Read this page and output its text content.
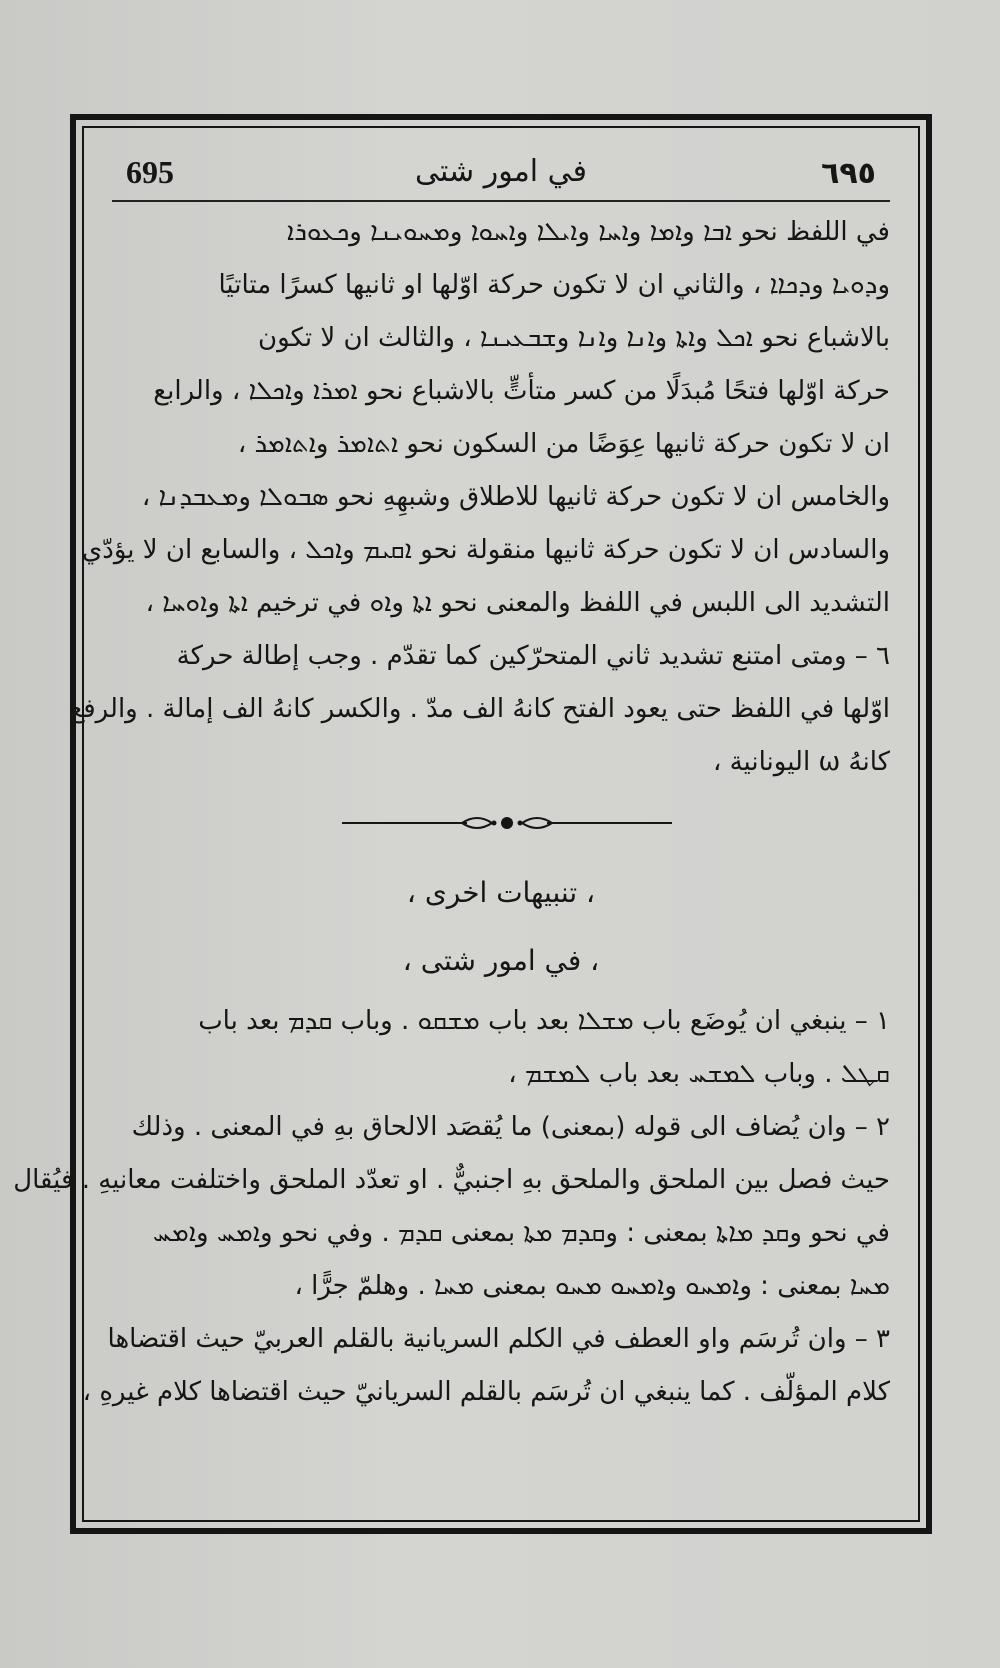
695	في امور شتى	٦٩٥
في اللفظ نحو ܐܒܐ وܐܡܐ وܐܚܐ وܐܝܠܐ وܐܚܘܐ وܡܚܘܝܢܐ وܟܥܘܪܐ
وܕܘܝܐ وܕܟܐܐ ، والثاني ان لا تكون حركة اوّلها او ثانيها كسرًا متاتيًا
بالاشباع نحو ܐܟܠ وܐܬܐ وܐܢܐ وܐܢܐ وܫܒܥܝܢܐ ، والثالث ان لا تكون
حركة اوّلها فتحًا مُبدَلًا من كسر متأتٍّ بالاشباع نحو ܐܡܪܐ وܐܟܠܐ ، والرابع
ان لا تكون حركة ثانيها عِوَضًا من السكون نحو ܐܬܐܡܪ وܐܬܐܡܪ ،
والخامس ان لا تكون حركة ثانيها للاطلاق وشبهِهِ نحو ܣܒܘܠܐ وܡܥܒܕܢܐ ،
والسادس ان لا تكون حركة ثانيها منقولة نحو ܐܩܝܡ وܐܟܠ ، والسابع ان لا يؤدّي
التشديد الى اللبس في اللفظ والمعنى نحو ܐܬܐ وܐܘ في ترخيم ܐܬܐ وܐܘܚܐ ،
٦ – ومتى امتنع تشديد ثاني المتحرّكين كما تقدّم . وجب إطالة حركة
اوّلها في اللفظ حتى يعود الفتح كانهُ الف مدّ . والكسر كانهُ الف إمالة . والرفع
كانهُ ω اليونانية ،
، تنبيهات اخرى ،
، في امور شتى ،
١ – ينبغي ان يُوضَع باب ܡܫܠܐ بعد باب ܡܫܩܘ . وباب ܩܕܡ بعد باب
ܩܛܠ . وباب ܠܡܫܚ بعد باب ܠܡܫܡ ،
٢ – وان يُضاف الى قوله (بمعنى) ما يُقصَد الالحاق بهِ في المعنى . وذلك
حيث فصل بين الملحق والملحق بهِ اجنبيٌّ . او تعدّد الملحق واختلفت معانيهِ . فيُقال
في نحو وܩܕ ܡܐܬܐ بمعنى : وܩܕܡ ܡܬܐ بمعنى ܩܕܡ . وفي نحو وܐܡܚ وܐܡܚ
ܡܚܐ بمعنى : وܐܡܚܘ وܐܡܚܘ ܡܚܘ بمعنى ܡܚܐ . وهلمّ جرًّا ،
٣ – وان تُرسَم واو العطف في الكلم السريانية بالقلم العربيّ حيث اقتضاها
كلام المؤلّف . كما ينبغي ان تُرسَم بالقلم السريانيّ حيث اقتضاها كلام غيرهِ ،
